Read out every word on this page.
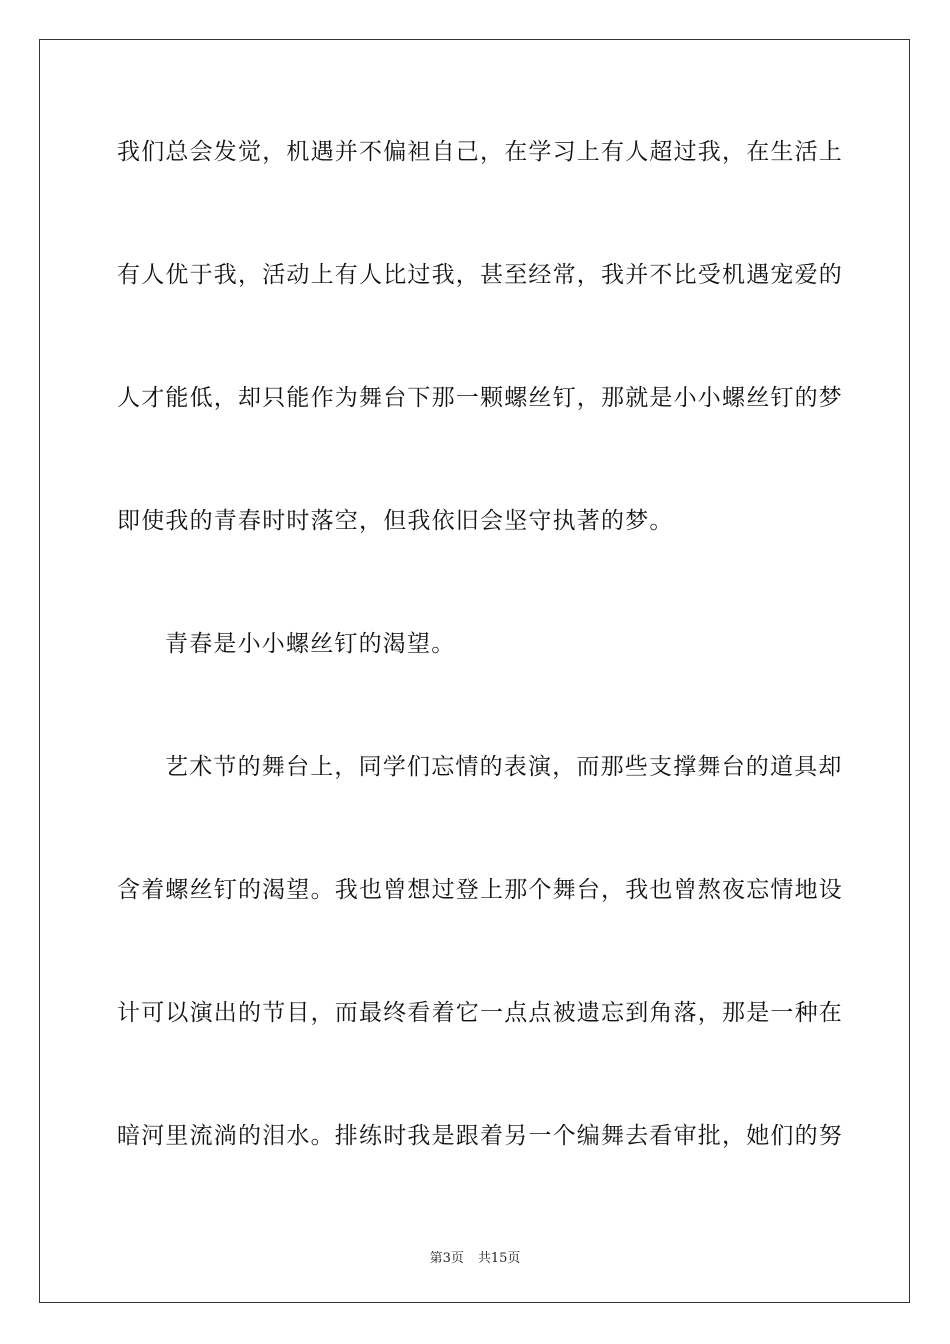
我们总会发觉，机遇并不偏袒自己，在学习上有人超过我，在生活上
有人优于我，活动上有人比过我，甚至经常，我并不比受机遇宠爱的
人才能低，却只能作为舞台下那一颗螺丝钉，那就是小小螺丝钉的梦
即使我的青春时时落空，但我依旧会坚守执著的梦。
青春是小小螺丝钉的渴望。
艺术节的舞台上，同学们忘情的表演，而那些支撑舞台的道具却
含着螺丝钉的渴望。我也曾想过登上那个舞台，我也曾熬夜忘情地设
计可以演出的节目，而最终看着它一点点被遗忘到角落，那是一种在
暗河里流淌的泪水。排练时我是跟着另一个编舞去看审批，她们的努
第3页 共15页
